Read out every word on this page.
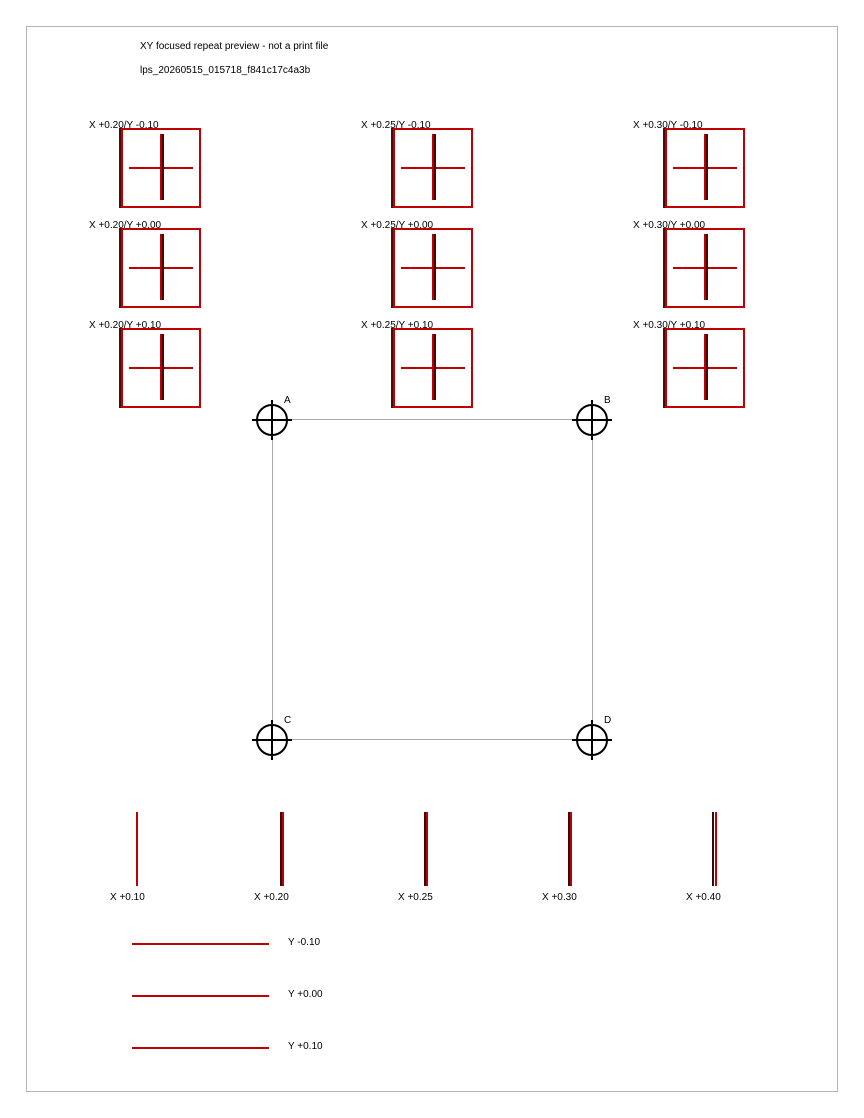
XY focused repeat preview - not a print file
lps_20260515_015718_f841c17c4a3b
X +0.20/Y -0.10	X +0.25/Y -0.10	X +0.30/Y -0.10
X +0.20/Y +0.00	X +0.25/Y +0.00	X +0.30/Y +0.00
X +0.20/Y +0.10	X +0.25/Y +0.10	X +0.30/Y +0.10
A	B
C	D
X +0.10	X +0.20	X +0.25	X +0.30	X +0.40
Y -0.10
Y +0.00
Y +0.10
